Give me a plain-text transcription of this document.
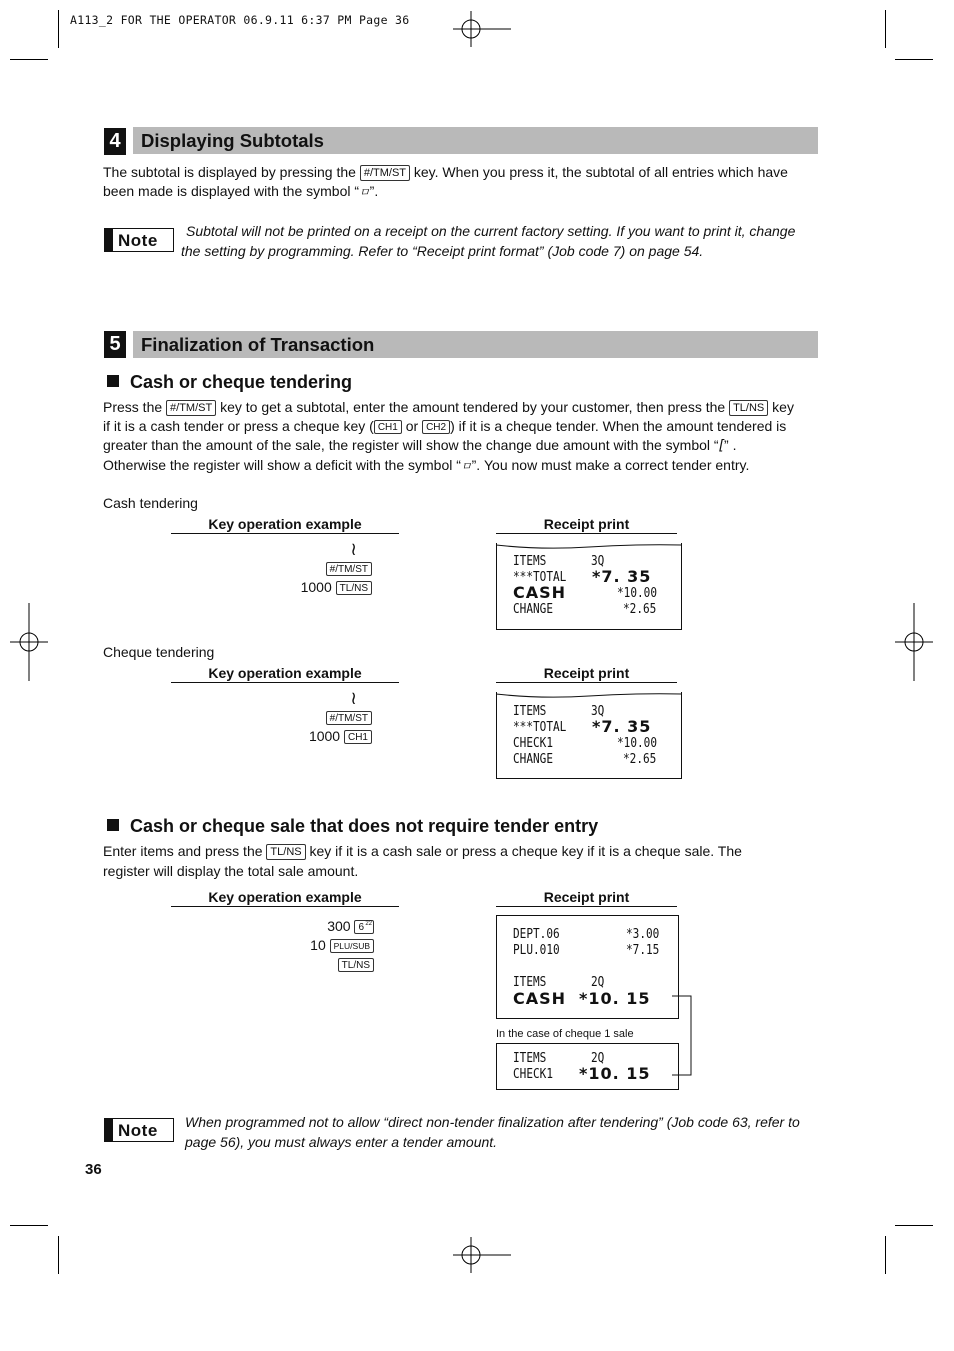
A113_2 FOR THE OPERATOR 06.9.11 6:37 PM Page 36
4 Displaying Subtotals
The subtotal is displayed by pressing the #/TM/ST key. When you press it, the subtotal of all entries which have
been made is displayed with the symbol “ㅁ”.
Note	Subtotal will not be printed on a receipt on the current factory setting. If you want to print it, change
the setting by programming. Refer to “Receipt print format” (Job code 7) on page 54.
5 Finalization of Transaction
Cash or cheque tendering
Press the #/TM/ST key to get a subtotal, enter the amount tendered by your customer, then press the TL/NS key
if it is a cash tender or press a cheque key ( CH1 or CH2 ) if it is a cheque tender. When the amount tendered is
greater than the amount of the sale, the register will show the change due amount with the symbol “[” .
Otherwise the register will show a deficit with the symbol “ㅁ”. You now must make a correct tender entry.
Cash tendering
Key operation example	Receipt print
≀
#/TM/ST
1000 TL/NS
ITEMS	3Q
***TOTAL *7. 35
CASH	*10.00
CHANGE	*2.65
Cheque tendering
Key operation example	Receipt print
≀
#/TM/ST
1000 CH1
ITEMS	3Q
***TOTAL *7. 35
CHECK1	*10.00
CHANGE	*2.65
Cash or cheque sale that does not require tender entry
Enter items and press the TL/NS key if it is a cash sale or press a cheque key if it is a cheque sale. The
register will display the total sale amount.
Key operation example	Receipt print
300 6 22
10 PLU/SUB
TL/NS
DEPT.06	*3.00
PLU.010	*7.15
ITEMS	2Q
CASH *10. 15
In the case of cheque 1 sale
ITEMS	2Q
CHECK1 *10. 15
Note When programmed not to allow “direct non-tender finalization after tendering” (Job code 63, refer to
page 56), you must always enter a tender amount.
36
